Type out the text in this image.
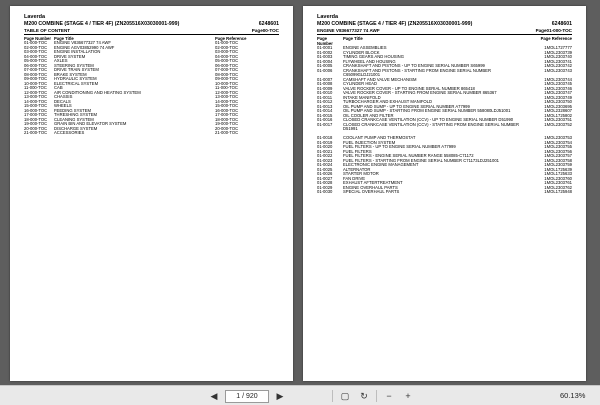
Laverda
M200 COMBINE (STAGE 4 / TIER 4F) (ZN205516X03030001-999)	6248601
TABLE OF CONTENT	Page00-TOC
Page Number Page Title	Page Reference
01-000-TOC	ENGINE V836677327 74 AWF	01-000-TOC
02-000-TOC	ENGINE AGV03852990 74 AWF	02-000-TOC
03-000-TOC	ENGINE INSTALLATION	03-000-TOC
04-000-TOC	DRIVE SYSTEM	04-000-TOC
05-000-TOC	AXLES	05-000-TOC
06-000-TOC	STEERING SYSTEM	06-000-TOC
07-000-TOC	DRIVE TRAIN SYSTEM	07-000-TOC
08-000-TOC	BRAKE SYSTEM	08-000-TOC
09-000-TOC	HYDRAULIC SYSTEM	09-000-TOC
10-000-TOC	ELECTRICAL SYSTEM	10-000-TOC
11-000-TOC	CAB	11-000-TOC
12-000-TOC	AIR CONDITIONING AND HEATING SYSTEM	12-000-TOC
13-000-TOC	CHASSIS	13-000-TOC
14-000-TOC	DECALS	14-000-TOC
15-000-TOC	WHEELS	15-000-TOC
16-000-TOC	FEEDING SYSTEM	16-000-TOC
17-000-TOC	THRESHING SYSTEM	17-000-TOC
18-000-TOC	CLEANING SYSTEM	18-000-TOC
19-000-TOC	GRAIN BIN AND ELEVATOR SYSTEM	19-000-TOC
20-000-TOC	DISCHARGE SYSTEM	20-000-TOC
21-000-TOC	ACCESSORIES	21-000-TOC
Laverda
M200 COMBINE (STAGE 4 / TIER 4F) (ZN205516X03030001-999)	6248601
ENGINE V836677327 74 AWF	Page01-000-TOC
Page Number
Page Title	Page Reference
01-0001	ENGINE ASSEMBLIES	1MOL1727777
01-0002	CYLINDER BLOCK	1MOL2303739
01-0003	TIMING GEARS AND HOUSING	1MOL2303740
01-0004	FLYWHEEL AND HOUSING	1MOL2303741
01-0005	CRANKSHAFT AND PISTONS - UP TO ENGINE SERIAL NUMBER S65999	1MOL2303742
01-0006	CRANKSHAFT AND PISTONS - STARTING FROM ENGINE SERIAL NUMBER	1MOL2303743
C65099GLDJ21001
01-0007	CAMSHAFT AND VALVE MECHANISM	1MOL2303744
01-0008	CYLINDER HEAD	1MOL2303745
01-0009	VALVE ROCKER COVER - UP TO ENGINE SERIAL NUMBER 865418	1MOL2303746
01-0010	VALVE ROCKER COVER - STARTING FROM ENGINE SERIAL NUMBER 865367	1MOL2303747
01-0011	INTAKE MANIFOLD	1MOL2303749
01-0012	TURBOCHARGER AND EXHAUST MANIFOLD	1MOL2303750
01-0013	OIL PUMP AND SUMP - UP TO ENGINE SERIAL NUMBER A77999	1MOL2303695
01-0014	OIL PUMP AND SUMP - STARTING FROM ENGINE SERIAL NUMBER 558080LDJ51001	1MOL2328607
01-0015	OIL COOLER AND FILTER	1MOL1725802
01-0016	CLOSED CRANKCASE VENTILATION (CCV) - UP TO ENGINE SERIAL NUMBER D51990	1MOL2303751
01-0017	CLOSED CRANKCASE VENTILATION (CCV) - STARTING FROM ENGINE SERIAL NUMBER	1MOL2303752
D51991
01-0018	COOLANT PUMP AND THERMOSTAT	1MOL2303753
01-0019	FUEL INJECTION SYSTEM	1MOL2303754
01-0020	FUEL FILTERS - UP TO ENGINE SERIAL NUMBER A77999	1MOL2303755
01-0021	FUEL FILTERS	1MOL2303756
01-0022	FUEL FILTERS - ENGINE SERIAL NUMBER RANGE 558085-C71172	1MOL2303757
01-0023	FUEL FILTERS - STARTING FROM ENGINE SERIAL NUMBER C71173LDJ251001	1MOL2303758
01-0024	ELECTRONIC ENGINE MANAGEMENT	1MOL2303759
01-0025	ALTERNATOR	1MOL1725639
01-0026	STARTER MOTOR	1MOL1725633
01-0027	FAN DRIVE	1MOL2303760
01-0028	EXHAUST AFTERTREATMENT	1MOL2303761
01-0029	ENGINE OVERHAUL PARTS	1MOL2303762
01-0030	SPECIAL OVERHAUL PARTS	1MOL1725948
◀	1 / 920	▶	▢	↻	−	+	60.13%
